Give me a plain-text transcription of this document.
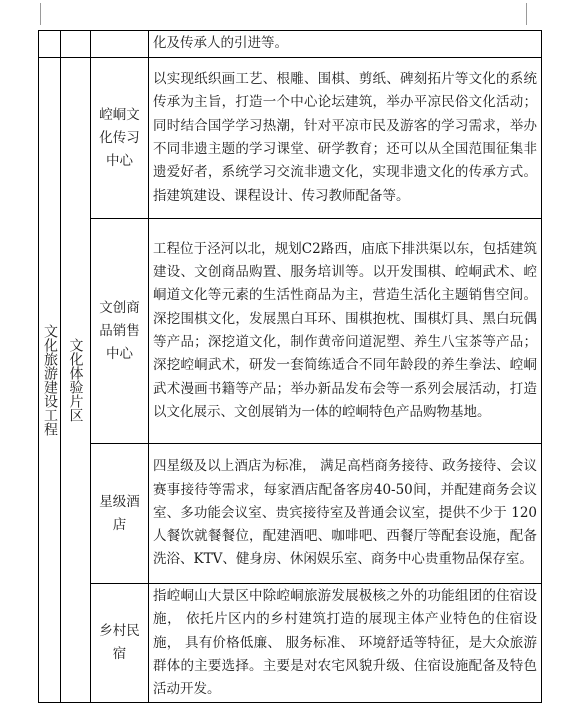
			化及传承人的引进等。

文化旅游建设工程	文化体验片区	崆峒文化传习中心	以实现纸织画工艺、根雕、围棋、剪纸、碑刻拓片等文化的系统传承为主旨，打造一个中心论坛建筑，举办平凉民俗文化活动；同时结合国学学习热潮，针对平凉市民及游客的学习需求，举办不同非遗主题的学习课堂、研学教育；还可以从全国范围征集非遗爱好者，系统学习交流非遗文化，实现非遗文化的传承方式。指建筑建设、课程设计、传习教师配备等。

		文创商品销售中心	工程位于泾河以北，规划C2路西，庙底下排洪渠以东，包括建筑建设、文创商品购置、服务培训等。以开发围棋、崆峒武术、崆峒道文化等元素的生活性商品为主，营造生活化主题销售空间。深挖围棋文化，发展黑白耳环、围棋抱枕、围棋灯具、黑白玩偶等产品；深挖道文化，制作黄帝问道泥塑、养生八宝茶等产品；深挖崆峒武术，研发一套简练适合不同年龄段的养生拳法、崆峒武术漫画书籍等产品；举办新品发布会等一系列会展活动，打造以文化展示、文创展销为一体的崆峒特色产品购物基地。

		星级酒店	四星级及以上酒店为标准， 满足高档商务接待、政务接待、会议赛事接待等需求，每家酒店配备客房40-50间，并配建商务会议室、多功能会议室、贵宾接待室及普通会议室，提供不少于 120 人餐饮就餐餐位，配建酒吧、咖啡吧、西餐厅等配套设施，配备洗浴、KTV、健身房、休闲娱乐室、商务中心贵重物品保存室。

		乡村民宿	指崆峒山大景区中除崆峒旅游发展极核之外的功能组团的住宿设施， 依托片区内的乡村建筑打造的展现主体产业特色的住宿设施， 具有价格低廉、 服务标准、 环境舒适等特征，是大众旅游群体的主要选择。主要是对农宅风貌升级、住宿设施配备及特色活动开发。
